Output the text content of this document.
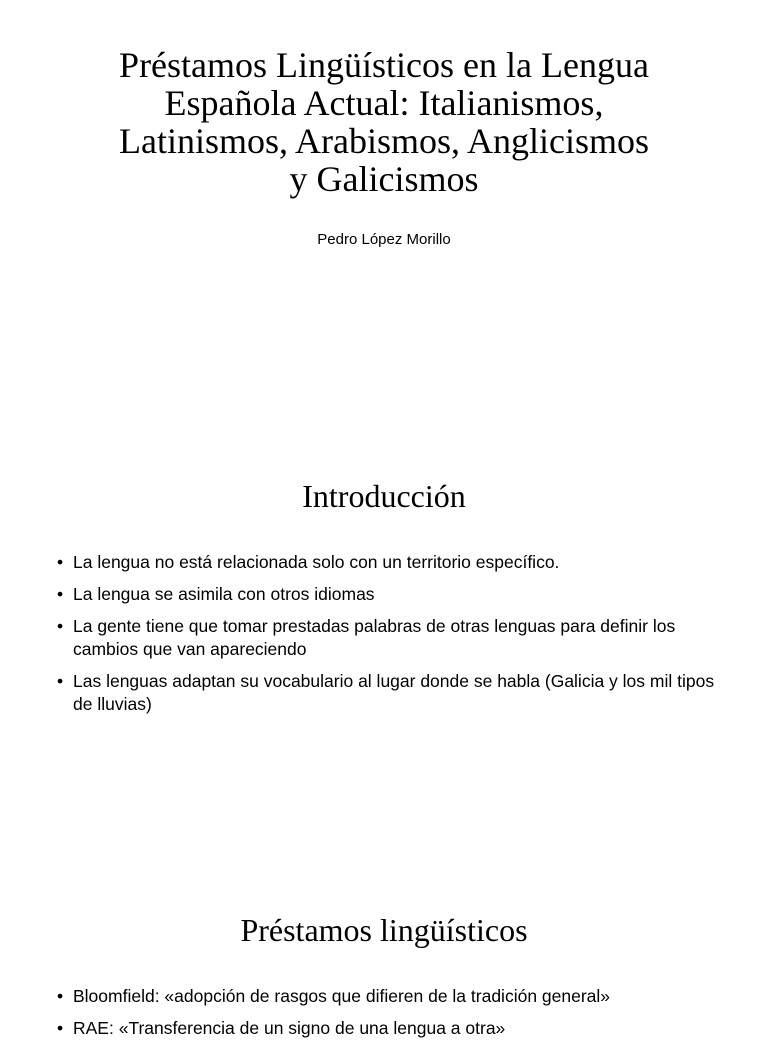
Préstamos Lingüísticos en la Lengua
Española Actual: Italianismos,
Latinismos, Arabismos, Anglicismos
y Galicismos
Pedro López Morillo
Introducción
• La lengua no está relacionada solo con un territorio específico.
• La lengua se asimila con otros idiomas
• La gente tiene que tomar prestadas palabras de otras lenguas para definir los cambios que van apareciendo
• Las lenguas adaptan su vocabulario al lugar donde se habla (Galicia y los mil tipos de lluvias)
Préstamos lingüísticos
• Bloomfield: «adopción de rasgos que difieren de la tradición general»
• RAE: «Transferencia de un signo de una lengua a otra»
